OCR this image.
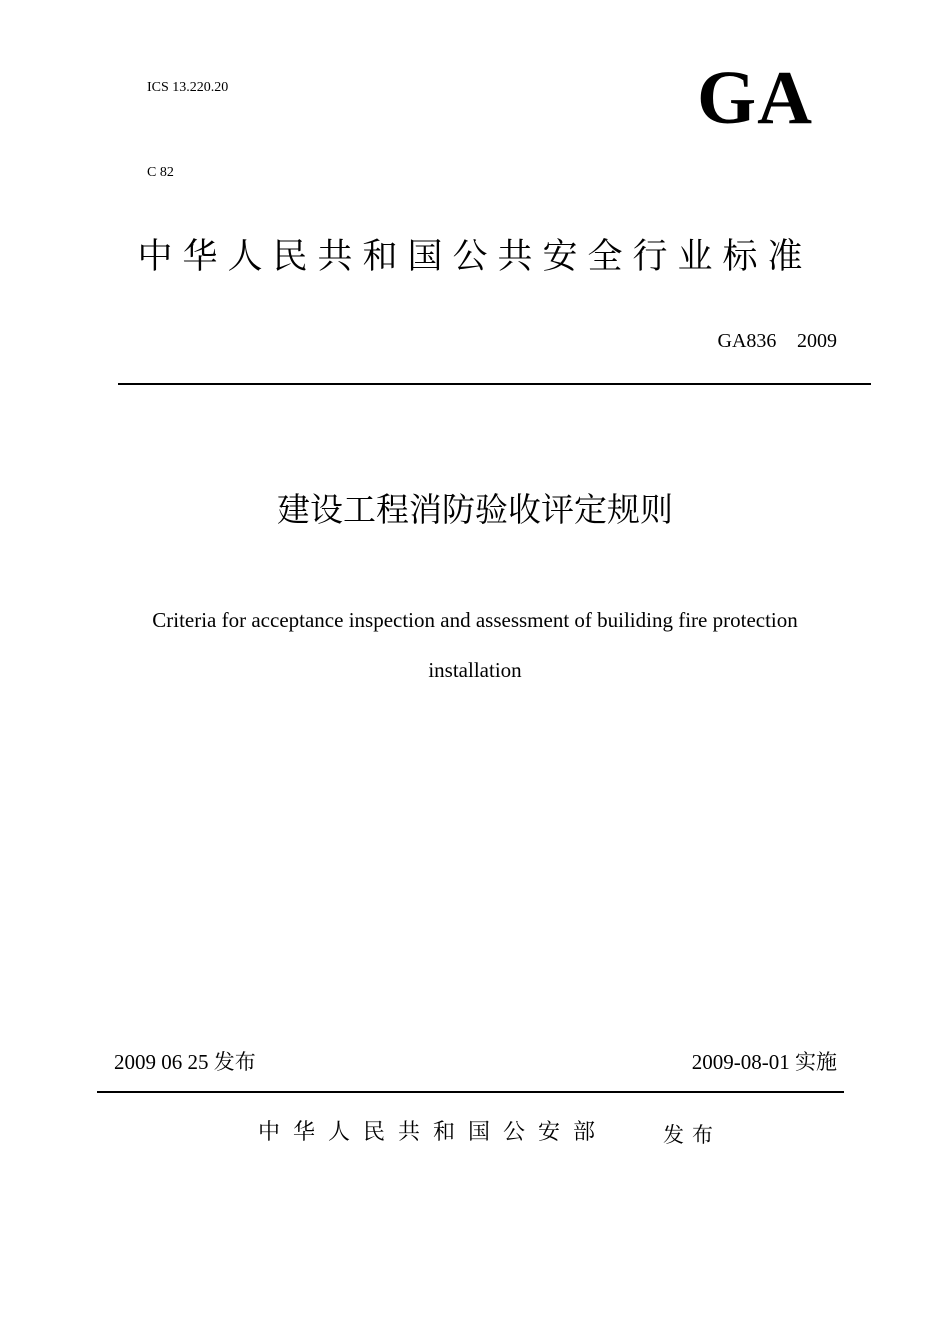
ICS 13.220.20
C 82
GA
中华人民共和国公共安全行业标准
GA836  2009
建设工程消防验收评定规则
Criteria for acceptance inspection and assessment of builiding fire protection
installation
2009 06 25 发布	2009-08-01 实施
中华人民共和国公安部	发布
